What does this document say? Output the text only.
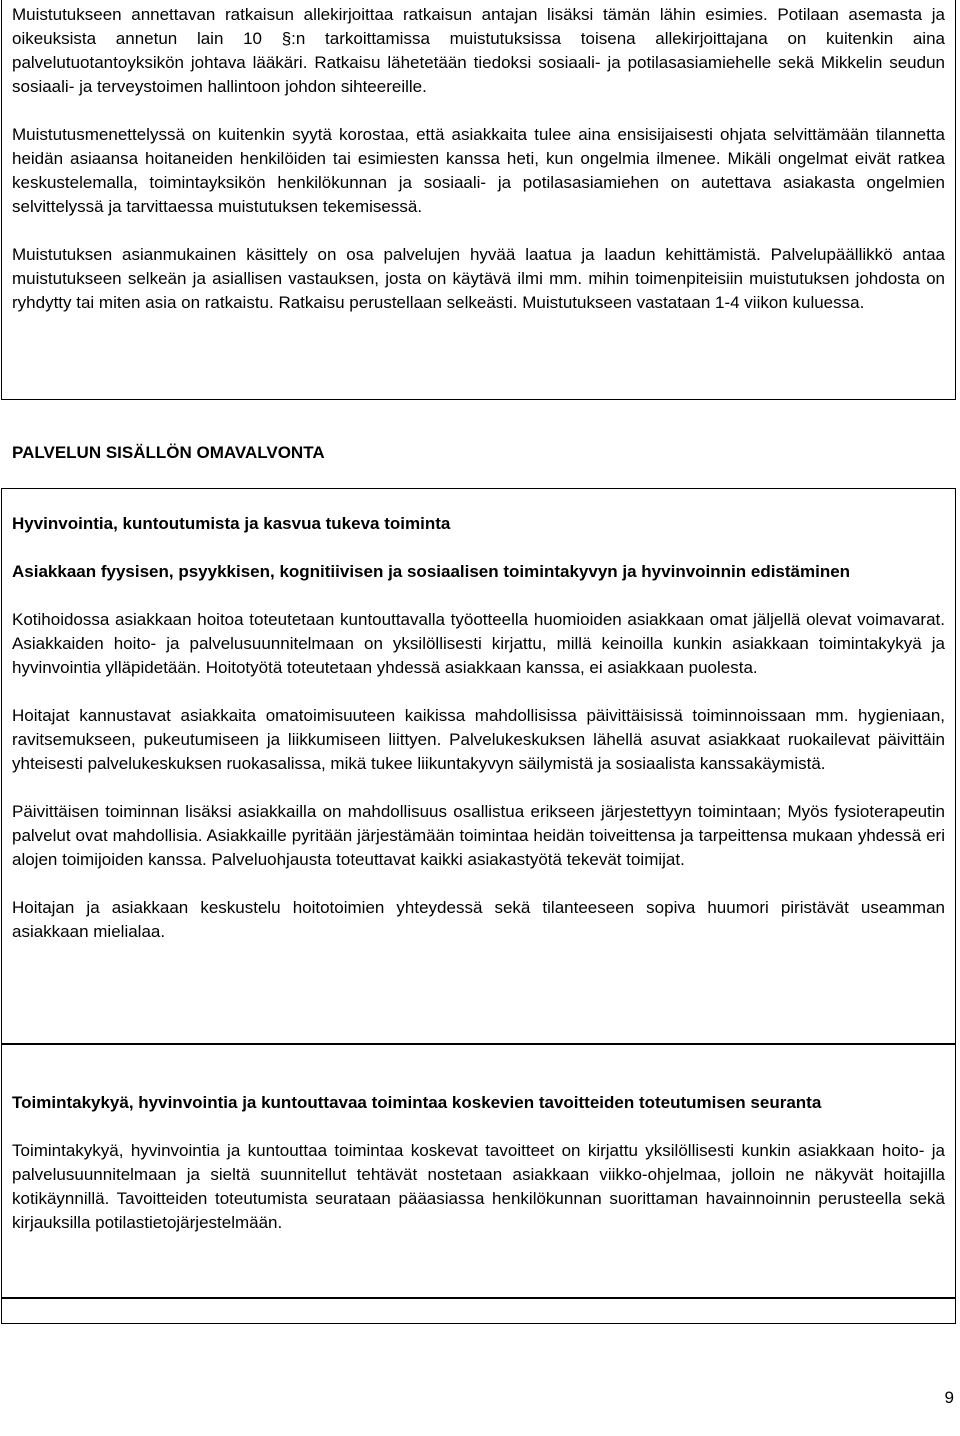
Muistutukseen annettavan ratkaisun allekirjoittaa ratkaisun antajan lisäksi tämän lähin esimies. Potilaan asemasta ja oikeuksista annetun lain 10 §:n tarkoittamissa muistutuksissa toisena allekirjoittajana on kuitenkin aina palvelutuotantoyksikön johtava lääkäri. Ratkaisu lähetetään tiedoksi sosiaali- ja potilasasiamiehelle sekä Mikkelin seudun sosiaali- ja terveystoimen hallintoon johdon sihteereille.

Muistutusmenettelyssä on kuitenkin syytä korostaa, että asiakkaita tulee aina ensisijaisesti ohjata selvittämään tilannetta heidän asiaansa hoitaneiden henkilöiden tai esimiesten kanssa heti, kun ongelmia ilmenee. Mikäli ongelmat eivät ratkea keskustelemalla, toimintayksikön henkilökunnan ja sosiaali- ja potilasasiamiehen on autettava asiakasta ongelmien selvittelyssä ja tarvittaessa muistutuksen tekemisessä.

Muistutuksen asianmukainen käsittely on osa palvelujen hyvää laatua ja laadun kehittämistä. Palvelupäällikkö antaa muistutukseen selkeän ja asiallisen vastauksen, josta on käytävä ilmi mm. mihin toimenpiteisiin muistutuksen johdosta on ryhdytty tai miten asia on ratkaistu. Ratkaisu perustellaan selkeästi. Muistutukseen vastataan 1-4 viikon kuluessa.

PALVELUN SISÄLLÖN OMAVALVONTA

Hyvinvointia, kuntoutumista ja kasvua tukeva toiminta

Asiakkaan fyysisen, psyykkisen, kognitiivisen ja sosiaalisen toimintakyvyn ja hyvinvoinnin edistäminen

Kotihoidossa asiakkaan hoitoa toteutetaan kuntouttavalla työotteella huomioiden asiakkaan omat jäljellä olevat voimavarat. Asiakkaiden hoito- ja palvelusuunnitelmaan on yksilöllisesti kirjattu, millä keinoilla kunkin asiakkaan toimintakykyä ja hyvinvointia ylläpidetään. Hoitotyötä toteutetaan yhdessä asiakkaan kanssa, ei asiakkaan puolesta.

Hoitajat kannustavat asiakkaita omatoimisuuteen kaikissa mahdollisissa päivittäisissä toiminnoissaan mm. hygieniaan, ravitsemukseen, pukeutumiseen ja liikkumiseen liittyen. Palvelukeskuksen lähellä asuvat asiakkaat ruokailevat päivittäin yhteisesti palvelukeskuksen ruokasalissa, mikä tukee liikuntakyvyn säilymistä ja sosiaalista kanssakäymistä.

Päivittäisen toiminnan lisäksi asiakkailla on mahdollisuus osallistua erikseen järjestettyyn toimintaan; Myös fysioterapeutin palvelut ovat mahdollisia. Asiakkaille pyritään järjestämään toimintaa heidän toiveittensa ja tarpeittensa mukaan yhdessä eri alojen toimijoiden kanssa. Palveluohjausta toteuttavat kaikki asiakastyötä tekevät toimijat.

Hoitajan ja asiakkaan keskustelu hoitotoimien yhteydessä sekä tilanteeseen sopiva huumori piristävät useamman asiakkaan mielialaa.

Toimintakykyä, hyvinvointia ja kuntouttavaa toimintaa koskevien tavoitteiden toteutumisen seuranta

Toimintakykyä, hyvinvointia ja kuntouttaa toimintaa koskevat tavoitteet on kirjattu yksilöllisesti kunkin asiakkaan hoito- ja palvelusuunnitelmaan ja sieltä suunnitellut tehtävät nostetaan asiakkaan viikko-ohjelmaa, jolloin ne näkyvät hoitajilla kotikäynnillä. Tavoitteiden toteutumista seurataan pääasiassa henkilökunnan suorittaman havainnoinnin perusteella sekä kirjauksilla potilastietojärjestelmään.

9
